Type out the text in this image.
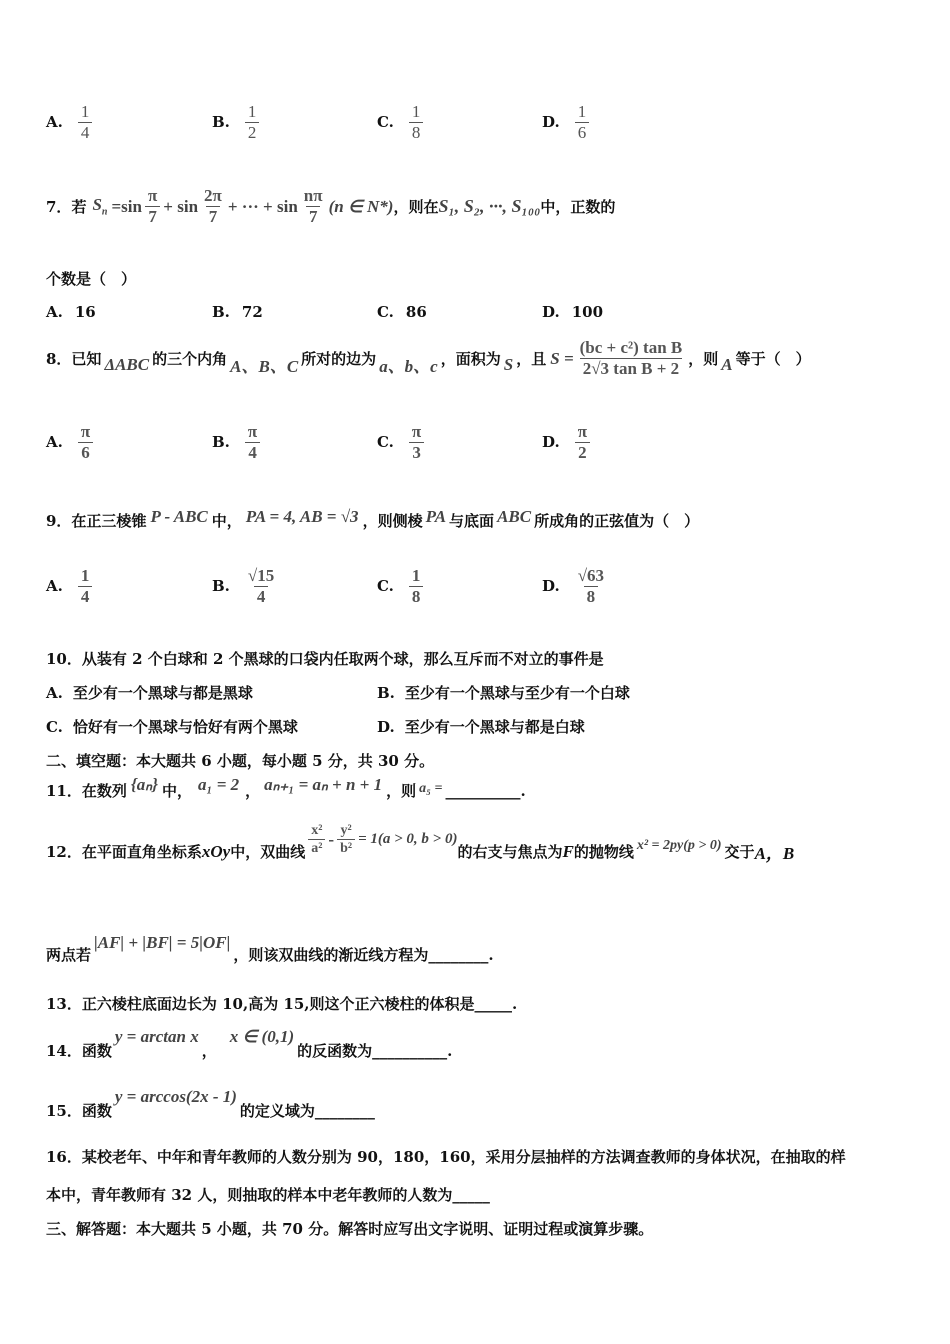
A. $\frac{1}{4}$	B. $\frac{1}{2}$	C. $\frac{1}{8}$	D. $\frac{1}{6}$
7． 若 $S_n =\sin \frac{\pi}{7} + \sin \frac{2\pi}{7}$ + ··· + $\sin \frac{n\pi}{7} (n$ ∈ N*) ，则在 S₁, S₂, ···, S₁₀₀ 中，正数的
个数是（　）
A. 16	B. 72	C. 86	D. 100
8．已知 ΔABC 的三个内角 A、B、C 所对的边为 a、b、c ，面积为 S ，且 $S = \frac{\text{(bc + c²) tan B}}{\text{2√3 tan B + 2}}$ ，则 A 等于（　）
A. $\frac{\pi}{6}$	B. $\frac{\pi}{4}$	C. $\frac{\pi}{3}$	D. $\frac{\pi}{2}$
9．在正三棱锥 P - ABC 中， PA = 4, AB = √3 ，则侧棱 PA 与底面 ABC 所成角的正弦值为（　）
A. $\frac{1}{4}$	B. $\frac{√15}{4}$	C. $\frac{1}{8}$	D. $\frac{√63}{8}$
10．从装有 2 个白球和 2 个黑球的口袋内任取两个球，那么互斥而不对立的事件是
A. 至少有一个黑球与都是黑球	B. 至少有一个黑球与至少有一个白球
C. 恰好有一个黑球与恰好有两个黑球	D. 至少有一个黑球与都是白球
二、填空题：本大题共 6 小题，每小题 5 分，共 30 分。
11．在数列 {aₙ} 中， a₁ = 2 ， aₙ₊₁ = aₙ + n + 1 ，则 a₅ = __________.
12．在平面直角坐标系 xOy 中，双曲线 $\frac{\text{x²}}{\text{a²}} - \frac{\text{y²}}{\text{b²}} = 1(a > 0$, b > 0)
的右支与焦点为 F 的抛物线 x² = 2py(p > 0) 交于 A，B
两点若
|AF| + |BF| = 5|OF|
，则该双曲线的渐近线方程为________.
13．正六棱柱底面边长为 10,高为 15,则这个正六棱柱的体积是_____.
14．函数
y = arctan x
，
x ∈ (0,1)
的反函数为__________.
15．函数
y = arccos(2x - 1)
的定义域为________
16．某校老年、中年和青年教师的人数分别为 90，180，160，采用分层抽样的方法调查教师的身体状况，在抽取的样
本中，青年教师有 32 人，则抽取的样本中老年教师的人数为_____
三、解答题：本大题共 5 小题，共 70 分。解答时应写出文字说明、证明过程或演算步骤。
